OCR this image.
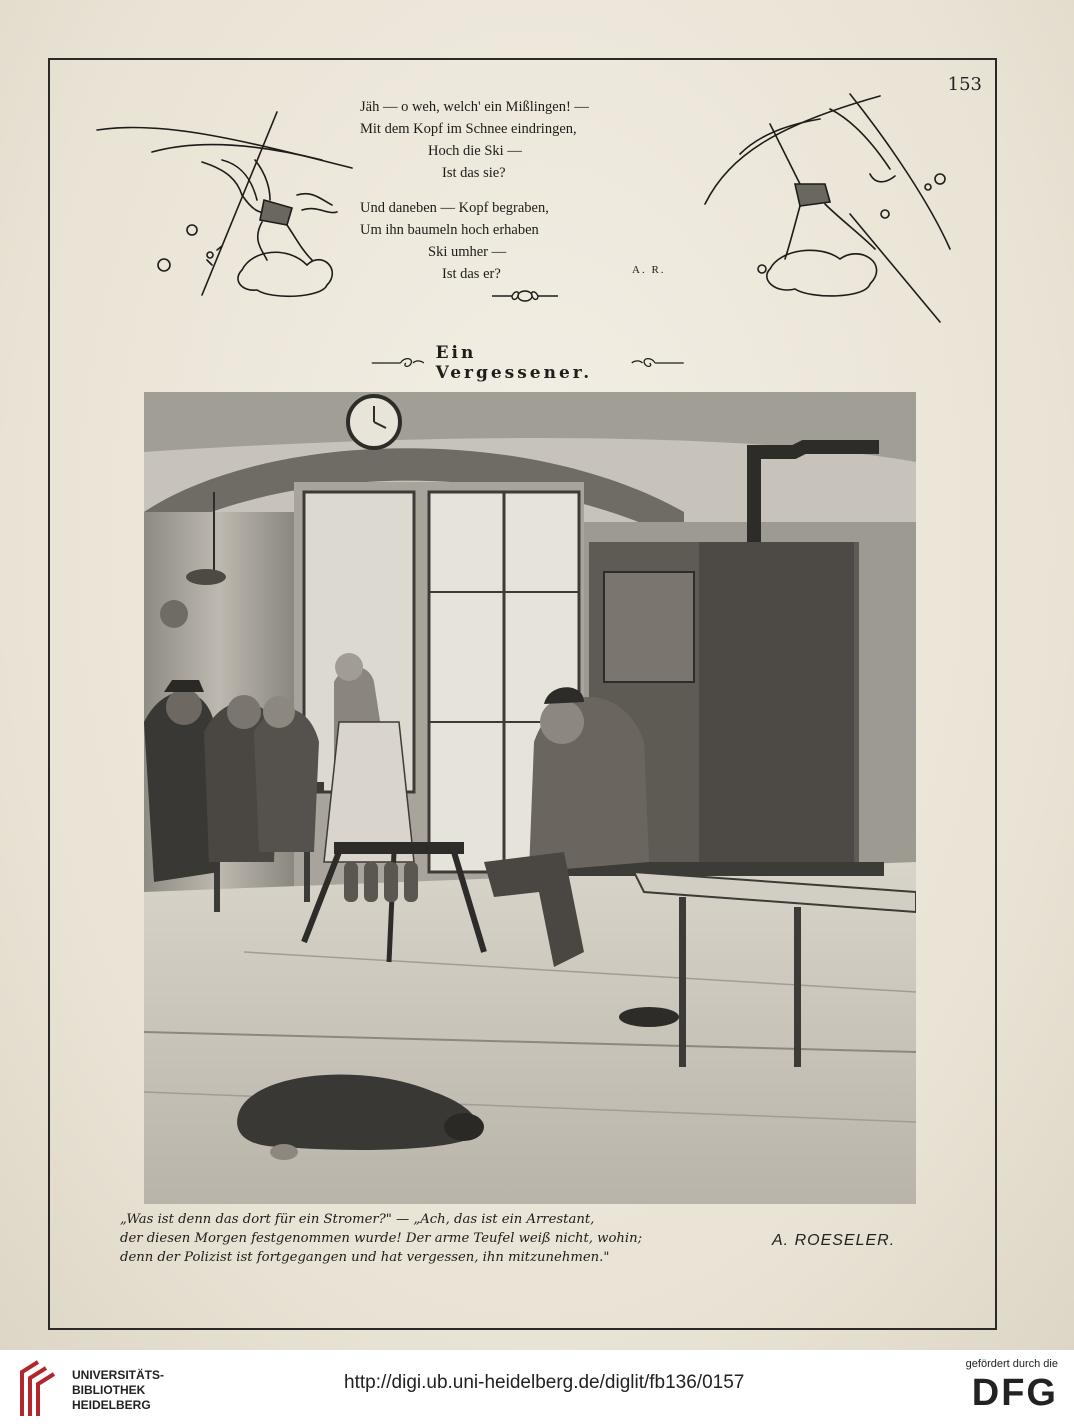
153
Jäh — o weh, welch' ein Mißlingen! —
Mit dem Kopf im Schnee eindringen,
Hoch die Ski —
Ist das sie?
Und daneben — Kopf begraben,
Um ihn baumeln hoch erhaben
Ski umher —
Ist das er?	A. R.
Ein Vergessener.

„Was ist denn das dort für ein Stromer?" — „Ach, das ist ein Arrestant,

der diesen Morgen festgenommen wurde! Der arme Teufel weiß nicht, wohin;

denn der Polizist ist fortgegangen und hat vergessen, ihn mitzunehmen."

A. ROESELER.
UNIVERSITÄTS-
BIBLIOTHEK
HEIDELBERG
http://digi.ub.uni-heidelberg.de/diglit/fb136/0157
gefördert durch die
DFG
